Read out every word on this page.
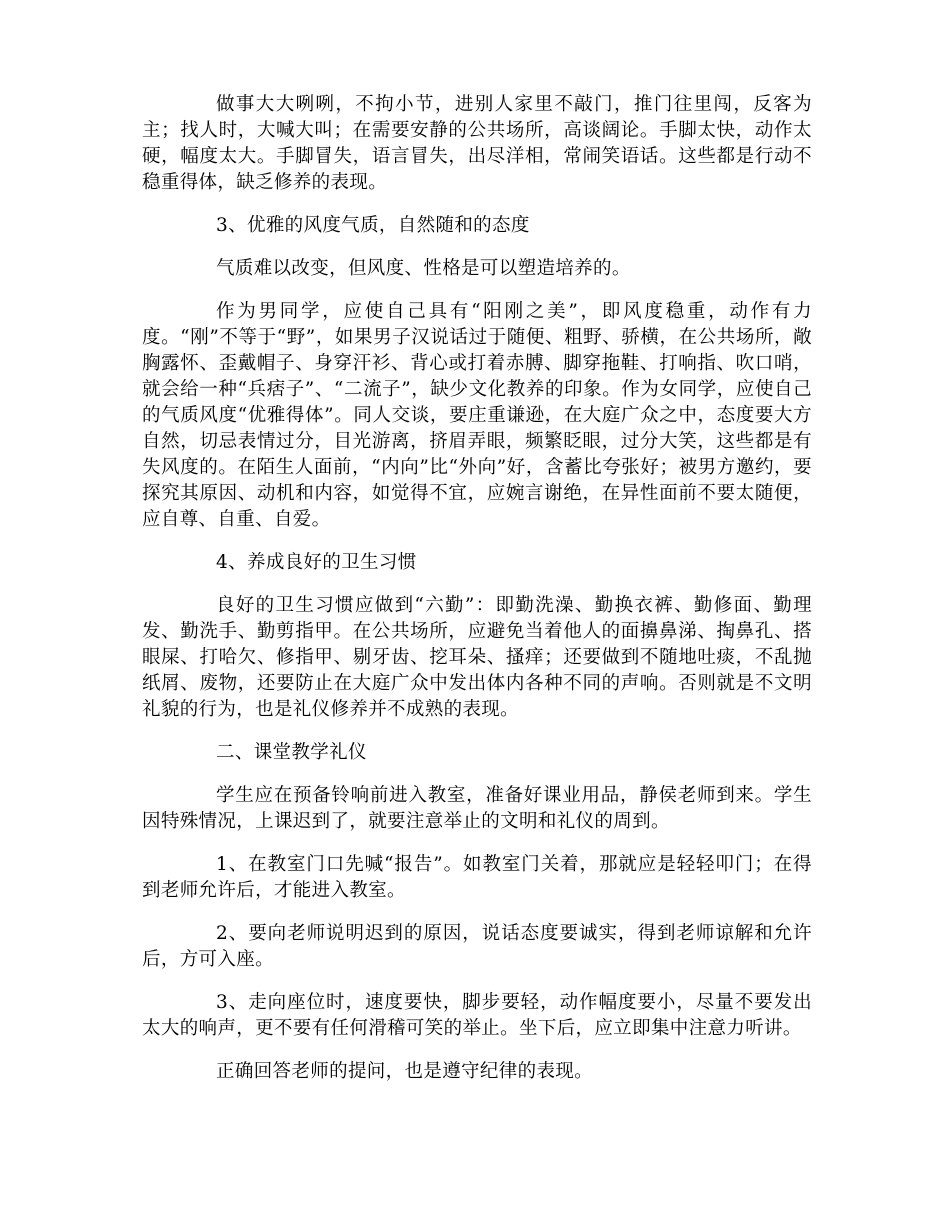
做事大大咧咧，不拘小节，进别人家里不敲门，推门往里闯，反客为主；找人时，大喊大叫；在需要安静的公共场所，高谈阔论。手脚太快，动作太硬，幅度太大。手脚冒失，语言冒失，出尽洋相，常闹笑语话。这些都是行动不稳重得体，缺乏修养的表现。

3、优雅的风度气质，自然随和的态度

气质难以改变，但风度、性格是可以塑造培养的。

作为男同学，应使自己具有“阳刚之美”，即风度稳重，动作有力度。“刚”不等于“野”，如果男子汉说话过于随便、粗野、骄横，在公共场所，敞胸露怀、歪戴帽子、身穿汗衫、背心或打着赤膊、脚穿拖鞋、打响指、吹口哨，就会给一种“兵痞子”、“二流子”，缺少文化教养的印象。作为女同学，应使自己的气质风度“优雅得体”。同人交谈，要庄重谦逊，在大庭广众之中，态度要大方自然，切忌表情过分，目光游离，挤眉弄眼，频繁眨眼，过分大笑，这些都是有失风度的。在陌生人面前，“内向”比“外向”好，含蓄比夸张好；被男方邀约，要探究其原因、动机和内容，如觉得不宜，应婉言谢绝，在异性面前不要太随便，应自尊、自重、自爱。

4、养成良好的卫生习惯

良好的卫生习惯应做到“六勤”：即勤洗澡、勤换衣裤、勤修面、勤理发、勤洗手、勤剪指甲。在公共场所，应避免当着他人的面擤鼻涕、掏鼻孔、搭眼屎、打哈欠、修指甲、剔牙齿、挖耳朵、搔痒；还要做到不随地吐痰，不乱抛纸屑、废物，还要防止在大庭广众中发出体内各种不同的声响。否则就是不文明礼貌的行为，也是礼仪修养并不成熟的表现。

二、课堂教学礼仪

学生应在预备铃响前进入教室，准备好课业用品，静侯老师到来。学生因特殊情况，上课迟到了，就要注意举止的文明和礼仪的周到。

1、在教室门口先喊“报告”。如教室门关着，那就应是轻轻叩门；在得到老师允许后，才能进入教室。

2、要向老师说明迟到的原因，说话态度要诚实，得到老师谅解和允许后，方可入座。

3、走向座位时，速度要快，脚步要轻，动作幅度要小，尽量不要发出太大的响声，更不要有任何滑稽可笑的举止。坐下后，应立即集中注意力听讲。

正确回答老师的提问，也是遵守纪律的表现。
